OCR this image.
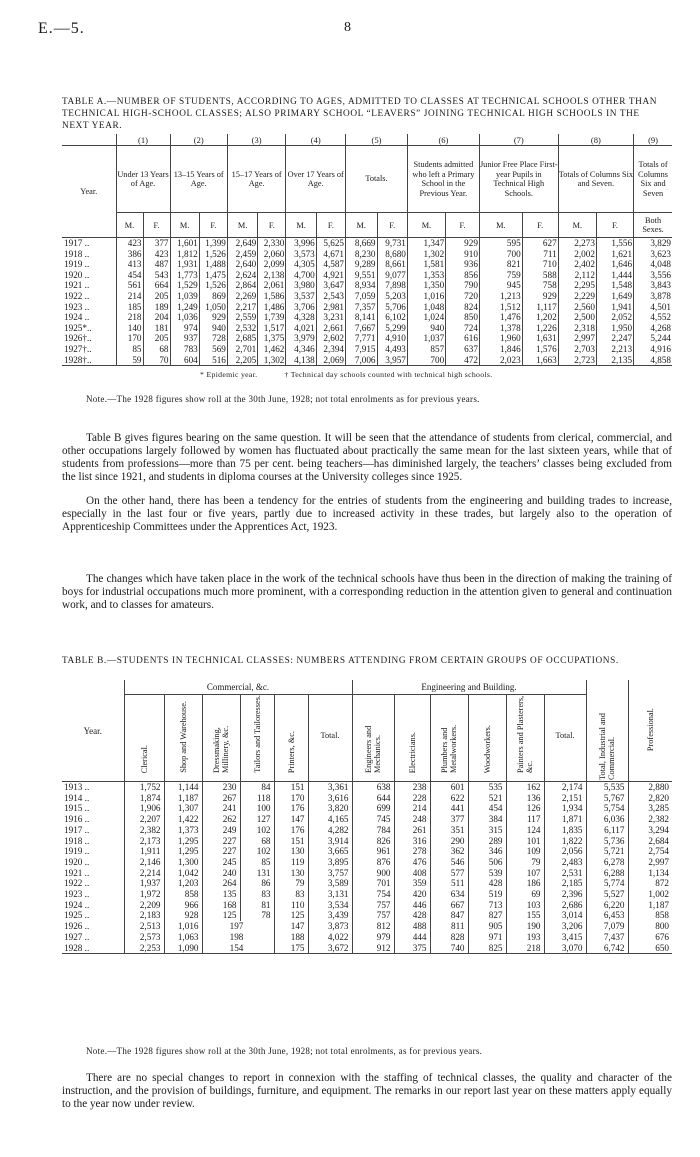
E.—5.	8
TABLE A.—NUMBER OF STUDENTS, ACCORDING TO AGES, ADMITTED TO CLASSES AT TECHNICAL SCHOOLS OTHER THAN TECHNICAL HIGH-SCHOOL CLASSES; ALSO PRIMARY SCHOOL “LEAVERS” JOINING TECHNICAL HIGH SCHOOLS IN THE NEXT YEAR.
	(1)		(2)		(3)		(4)		(5)		(6)		(7)		(8)		(9)
Year.	Under 13 Years of Age.		13–15 Years of Age.		15–17 Years of Age.		Over 17 Years of Age.		Totals.		Students admitted who left a Primary School in the Previous Year.		Junior Free Place First-year Pupils in Technical High Schools.		Totals of Columns Six and Seven.		Totals of Columns Six and Seven
	M.	F.	M.	F.	M.	F.	M.	F.	M.	F.	M.	F.	M.	F.	M.	F.	Both Sexes.
1917 ..	423	377	1,601	1,399	2,649	2,330	3,996	5,625	8,669	9,731	1,347	929	595	627	2,273	1,556	3,829
1918 ..	386	423	1,812	1,526	2,459	2,060	3,573	4,671	8,230	8,680	1,302	910	700	711	2,002	1,621	3,623
1919 ..	413	487	1,931	1,488	2,640	2,099	4,305	4,587	9,289	8,661	1,581	936	821	710	2,402	1,646	4,048
1920 ..	454	543	1,773	1,475	2,624	2,138	4,700	4,921	9,551	9,077	1,353	856	759	588	2,112	1,444	3,556
1921 ..	561	664	1,529	1,526	2,864	2,061	3,980	3,647	8,934	7,898	1,350	790	945	758	2,295	1,548	3,843
1922 ..	214	205	1,039	869	2,269	1,586	3,537	2,543	7,059	5,203	1,016	720	1,213	929	2,229	1,649	3,878
1923 ..	185	189	1,249	1,050	2,217	1,486	3,706	2,981	7,357	5,706	1,048	824	1,512	1,117	2,560	1,941	4,501
1924 ..	218	204	1,036	929	2,559	1,739	4,328	3,231	8,141	6,102	1,024	850	1,476	1,202	2,500	2,052	4,552
1925*..	140	181	974	940	2,532	1,517	4,021	2,661	7,667	5,299	940	724	1,378	1,226	2,318	1,950	4,268
1926†..	170	205	937	728	2,685	1,375	3,979	2,602	7,771	4,910	1,037	616	1,960	1,631	2,997	2,247	5,244
1927†..	85	68	783	569	2,701	1,462	4,346	2,394	7,915	4,493	857	637	1,846	1,576	2,703	2,213	4,916
1928†..	59	70	604	516	2,205	1,302	4,138	2,069	7,006	3,957	700	472	2,023	1,663	2,723	2,135	4,858
* Epidemic year.            † Technical day schools counted with technical high schools.
Note.—The 1928 figures show roll at the 30th June, 1928; not total enrolments as for previous years.
Table B gives figures bearing on the same question. It will be seen that the attendance of students from clerical, commercial, and other occupations largely followed by women has fluctuated about practically the same mean for the last sixteen years, while that of students from professions—more than 75 per cent. being teachers—has diminished largely, the teachers’ classes being excluded from the list since 1921, and students in diploma courses at the University colleges since 1925.
On the other hand, there has been a tendency for the entries of students from the engineering and building trades to increase, especially in the last four or five years, partly due to increased activity in these trades, but largely also to the operation of Apprenticeship Committees under the Apprentices Act, 1923.
The changes which have taken place in the work of the technical schools have thus been in the direction of making the training of boys for industrial occupations much more prominent, with a corresponding reduction in the attention given to general and continuation work, and to classes for amateurs.
TABLE B.—STUDENTS IN TECHNICAL CLASSES: NUMBERS ATTENDING FROM CERTAIN GROUPS OF OCCUPATIONS.
Year.	Commercial, &c.						Engineering and Building.						Total, Industrial and Commercial.	Professional.
	Clerical.	Shop and Warehouse.	Dressmaking, Millinery, &c.	Tailors and Tailoresses.	Printers, &c.	Total.	Engineers and Mechanics.	Electricians.	Plumbers and Metalworkers.	Woodworkers.	Painters and Plasterers, &c.	Total.		
1913 ..	1,752	1,144	230	84	151	3,361	638	238	601	535	162	2,174	5,535	2,880
1914 ..	1,874	1,187	267	118	170	3,616	644	228	622	521	136	2,151	5,767	2,820
1915 ..	1,906	1,307	241	100	176	3,820	699	214	441	454	126	1,934	5,754	3,285
1916 ..	2,207	1,422	262	127	147	4,165	745	248	377	384	117	1,871	6,036	2,382
1917 ..	2,382	1,373	249	102	176	4,282	784	261	351	315	124	1,835	6,117	3,294
1918 ..	2,173	1,295	227	68	151	3,914	826	316	290	289	101	1,822	5,736	2,684
1919 ..	1,911	1,295	227	102	130	3,665	961	278	362	346	109	2,056	5,721	2,754
1920 ..	2,146	1,300	245	85	119	3,895	876	476	546	506	79	2,483	6,278	2,997
1921 ..	2,214	1,042	240	131	130	3,757	900	408	577	539	107	2,531	6,288	1,134
1922 ..	1,937	1,203	264	86	79	3,589	701	359	511	428	186	2,185	5,774	872
1923 ..	1,972	858	135	83	83	3,131	754	420	634	519	69	2,396	5,527	1,002
1924 ..	2,209	966	168	81	110	3,534	757	446	667	713	103	2,686	6,220	1,187
1925 ..	2,183	928	125	78	125	3,439	757	428	847	827	155	3,014	6,453	858
1926 ..	2,513	1,016	197		147	3,873	812	488	811	905	190	3,206	7,079	800
1927 ..	2,573	1,063	198		188	4,022	979	444	828	971	193	3,415	7,437	676
1928 ..	2,253	1,090	154		175	3,672	912	375	740	825	218	3,070	6,742	650
Note.—The 1928 figures show roll at the 30th June, 1928; not total enrolments, as for previous years.
There are no special changes to report in connexion with the staffing of technical classes, the quality and character of the instruction, and the provision of buildings, furniture, and equipment. The remarks in our report last year on these matters apply equally to the year now under review.
